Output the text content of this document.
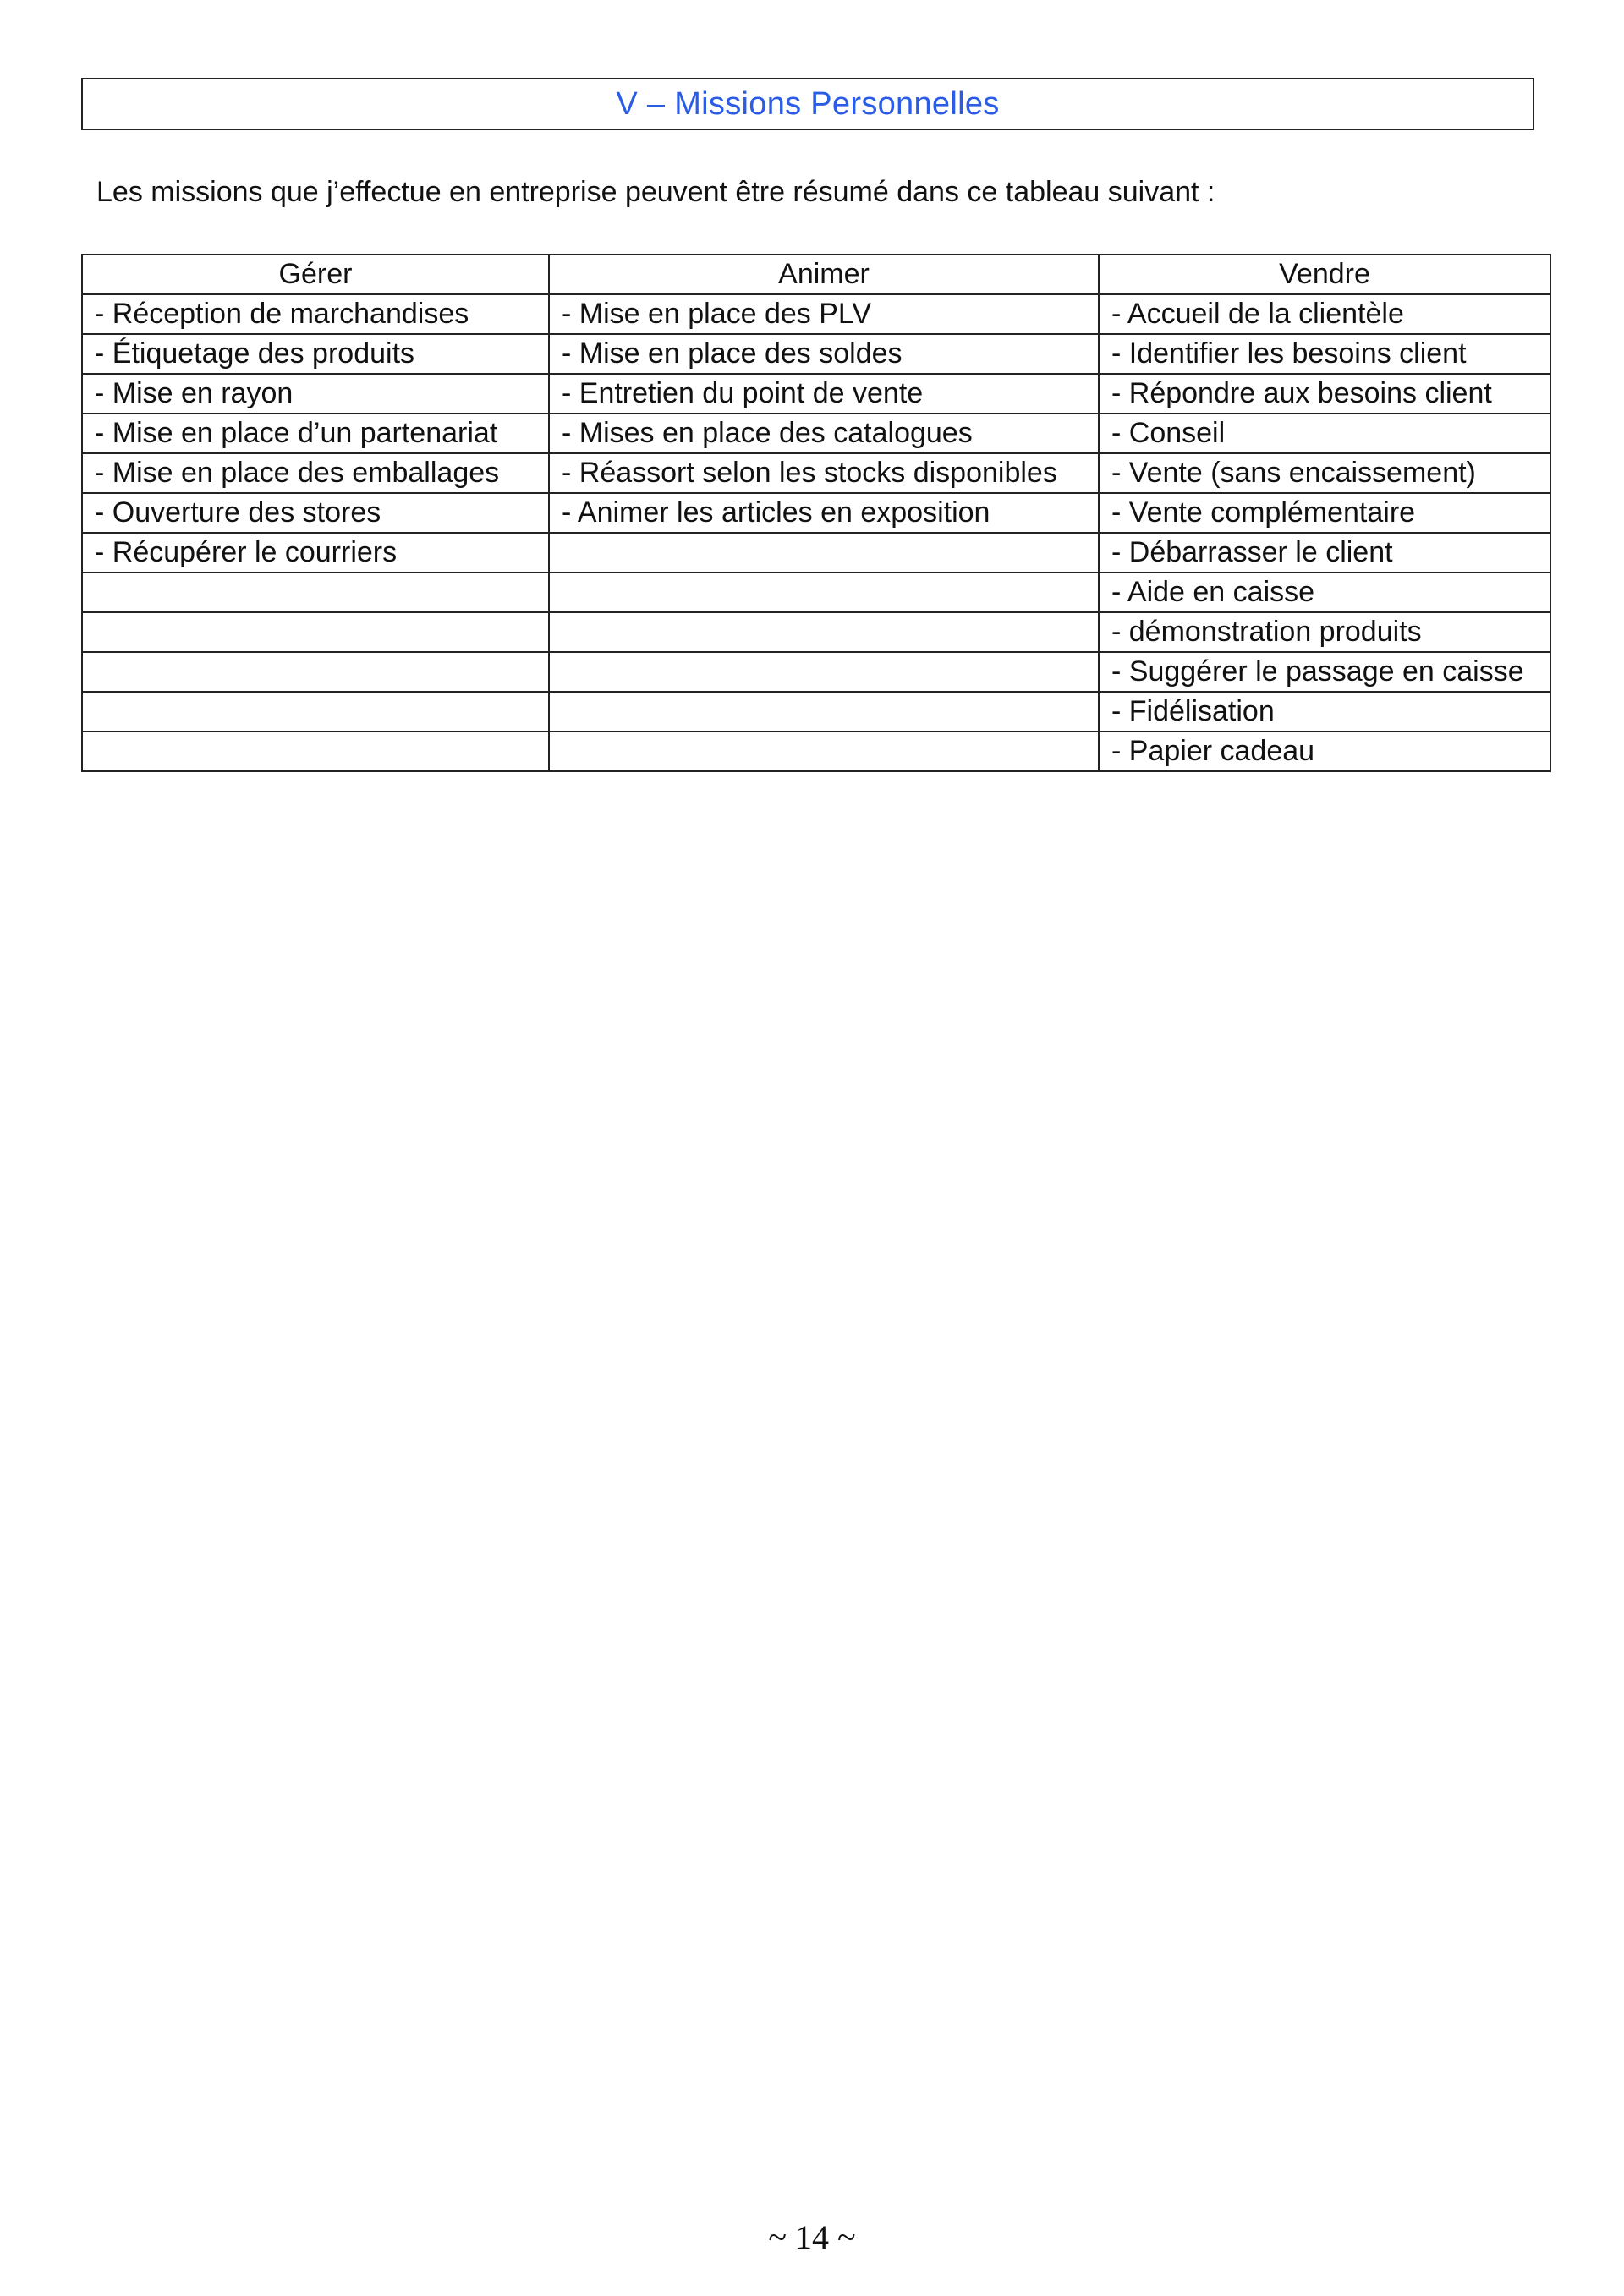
V – Missions Personnelles
Les missions que j’effectue en entreprise peuvent être résumé dans ce tableau suivant :
Gérer	Animer	Vendre
- Réception de marchandises	- Mise en place des PLV	- Accueil de la clientèle
- Étiquetage des produits	- Mise en place des soldes	- Identifier les besoins client
- Mise en rayon	- Entretien du point de vente	- Répondre aux besoins client
- Mise en place d’un partenariat	- Mises en place des catalogues	- Conseil
- Mise en place des emballages	- Réassort selon les stocks disponibles	- Vente (sans encaissement)
- Ouverture des stores	- Animer les articles en exposition	- Vente complémentaire
- Récupérer le courriers		- Débarrasser le client
		- Aide en caisse
		- démonstration produits
		- Suggérer le passage en caisse
		- Fidélisation
		- Papier cadeau
~ 14 ~
